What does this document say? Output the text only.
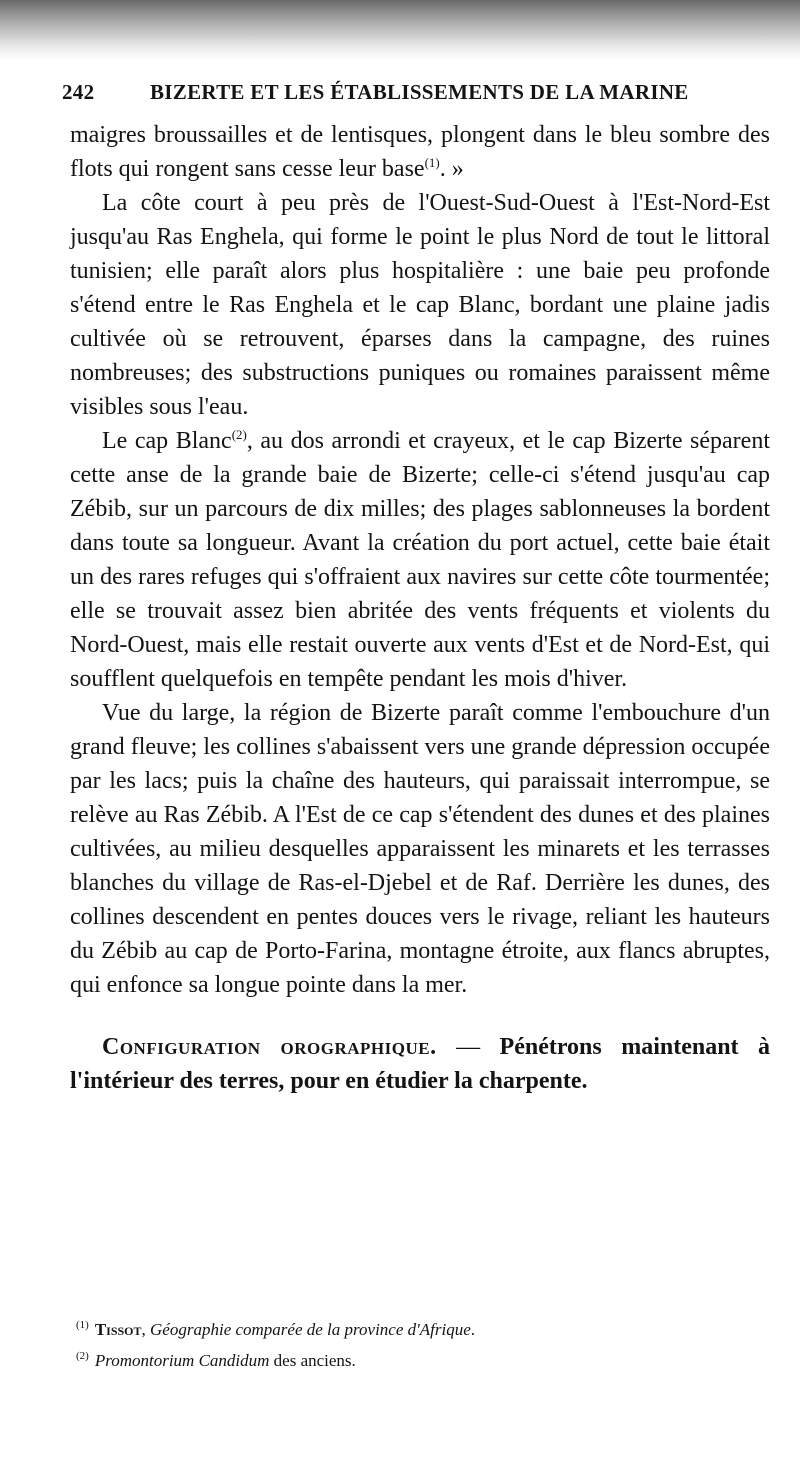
242	BIZERTE ET LES ÉTABLISSEMENTS DE LA MARINE

maigres broussailles et de lentisques, plongent dans le bleu sombre des flots qui rongent sans cesse leur base$^{(1)}$. »

La côte court à peu près de l'Ouest-Sud-Ouest à l'Est-Nord-Est jusqu'au Ras Enghela, qui forme le point le plus Nord de tout le littoral tunisien; elle paraît alors plus hospitalière : une baie peu profonde s'étend entre le Ras Enghela et le cap Blanc, bordant une plaine jadis cultivée où se retrouvent, éparses dans la campagne, des ruines nombreuses; des substructions puniques ou romaines paraissent même visibles sous l'eau.

Le cap Blanc$^{(2)}$, au dos arrondi et crayeux, et le cap Bizerte séparent cette anse de la grande baie de Bizerte; celle-ci s'étend jusqu'au cap Zébib, sur un parcours de dix milles; des plages sablonneuses la bordent dans toute sa longueur. Avant la création du port actuel, cette baie était un des rares refuges qui s'offraient aux navires sur cette côte tourmentée; elle se trouvait assez bien abritée des vents fréquents et violents du Nord-Ouest, mais elle restait ouverte aux vents d'Est et de Nord-Est, qui soufflent quelquefois en tempête pendant les mois d'hiver.

Vue du large, la région de Bizerte paraît comme l'embouchure d'un grand fleuve; les collines s'abaissent vers une grande dépression occupée par les lacs; puis la chaîne des hauteurs, qui paraissait interrompue, se relève au Ras Zébib. A l'Est de ce cap s'étendent des dunes et des plaines cultivées, au milieu desquelles apparaissent les minarets et les terrasses blanches du village de Ras-el-Djebel et de Raf. Derrière les dunes, des collines descendent en pentes douces vers le rivage, reliant les hauteurs du Zébib au cap de Porto-Farina, montagne étroite, aux flancs abruptes, qui enfonce sa longue pointe dans la mer.

Configuration orographique. — Pénétrons maintenant à l'intérieur des terres, pour en étudier la charpente.

$^{(1)}$ Tissot, Géographie comparée de la province d'Afrique.

$^{(2)}$ Promontorium Candidum des anciens.
